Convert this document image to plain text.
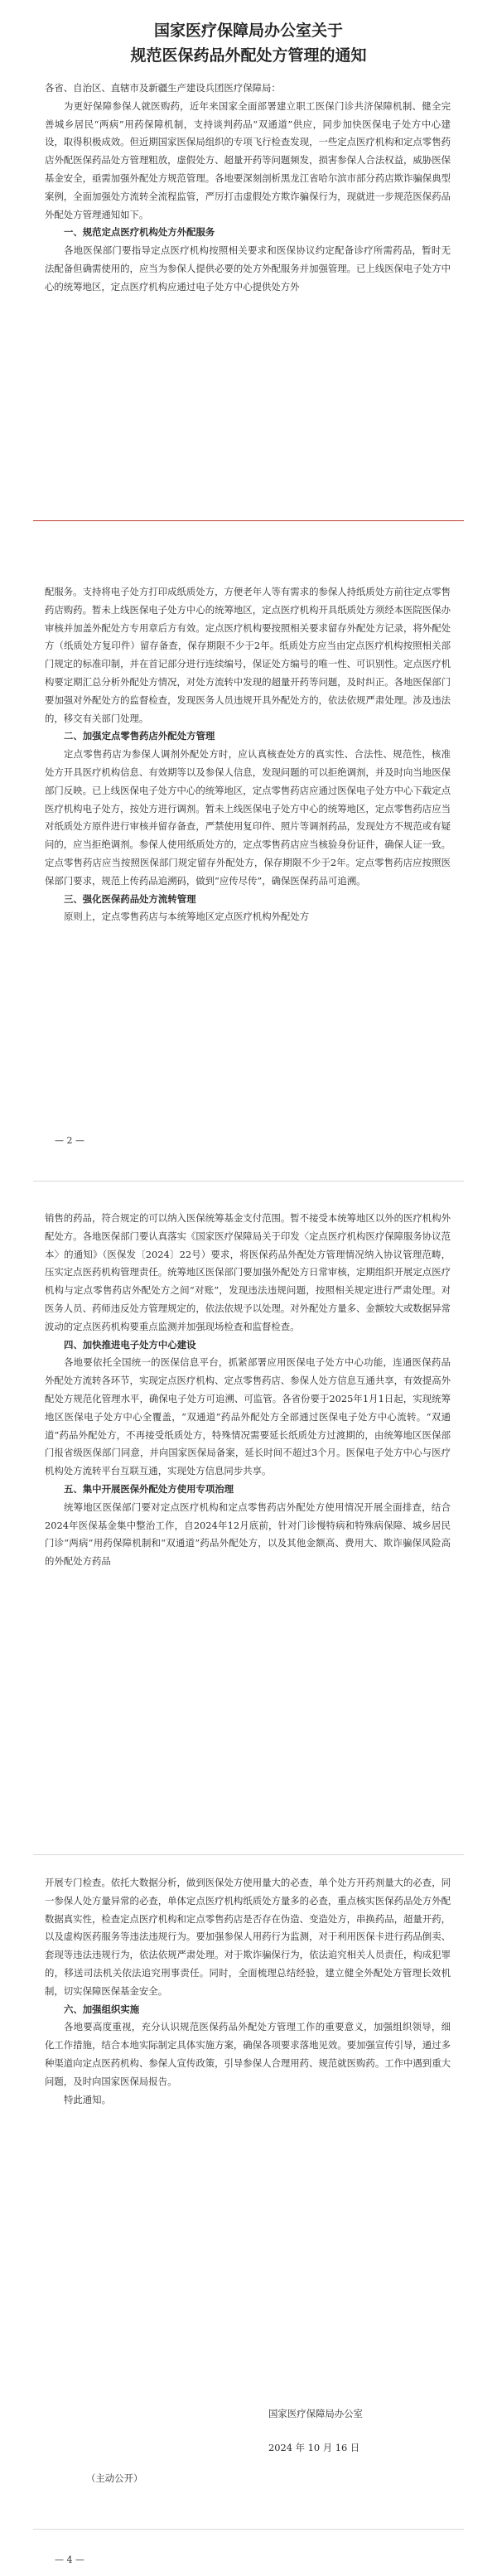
国家医疗保障局办公室关于
规范医保药品外配处方管理的通知

各省、自治区、直辖市及新疆生产建设兵团医疗保障局：

为更好保障参保人就医购药，近年来国家全面部署建立职工医保门诊共济保障机制、健全完善城乡居民“两病”用药保障机制，支持谈判药品“双通道”供应，同步加快医保电子处方中心建设，取得积极成效。但近期国家医保局组织的专项飞行检查发现，一些定点医疗机构和定点零售药店外配医保药品处方管理粗放，虚假处方、超量开药等问题频发，损害参保人合法权益，威胁医保基金安全，亟需加强外配处方规范管理。各地要深刻剖析黑龙江省哈尔滨市部分药店欺诈骗保典型案例，全面加强处方流转全流程监管，严厉打击虚假处方欺诈骗保行为，现就进一步规范医保药品外配处方管理通知如下。

一、规范定点医疗机构处方外配服务

各地医保部门要指导定点医疗机构按照相关要求和医保协议约定配备诊疗所需药品，暂时无法配备但确需使用的，应当为参保人提供必要的处方外配服务并加强管理。已上线医保电子处方中心的统筹地区，定点医疗机构应通过电子处方中心提供处方外

配服务。支持将电子处方打印成纸质处方，方便老年人等有需求的参保人持纸质处方前往定点零售药店购药。暂未上线医保电子处方中心的统筹地区，定点医疗机构开具纸质处方须经本医院医保办审核并加盖外配处方专用章后方有效。定点医疗机构要按照相关要求留存外配处方记录，将外配处方（纸质处方复印件）留存备查，保存期限不少于2年。纸质处方应当由定点医疗机构按照相关部门规定的标准印制，并在首记部分进行连续编号，保证处方编号的唯一性、可识别性。定点医疗机构要定期汇总分析外配处方情况，对处方流转中发现的超量开药等问题，及时纠正。各地医保部门要加强对外配处方的监督检查，发现医务人员违规开具外配处方的，依法依规严肃处理。涉及违法的，移交有关部门处理。

二、加强定点零售药店外配处方管理

定点零售药店为参保人调剂外配处方时，应认真核查处方的真实性、合法性、规范性，核准处方开具医疗机构信息、有效期等以及参保人信息，发现问题的可以拒绝调剂，并及时向当地医保部门反映。已上线医保电子处方中心的统筹地区，定点零售药店应通过医保电子处方中心下载定点医疗机构电子处方，按处方进行调剂。暂未上线医保电子处方中心的统筹地区，定点零售药店应当对纸质处方原件进行审核并留存备查，严禁使用复印件、照片等调剂药品，发现处方不规范或有疑问的，应当拒绝调剂。参保人使用纸质处方的，定点零售药店应当核验身份证件，确保人证一致。定点零售药店应当按照医保部门规定留存外配处方，保存期限不少于2年。定点零售药店应按照医保部门要求，规范上传药品追溯码，做到“应传尽传”，确保医保药品可追溯。

三、强化医保药品处方流转管理

原则上，定点零售药店与本统筹地区定点医疗机构外配处方

— 2 —

销售的药品，符合规定的可以纳入医保统筹基金支付范围。暂不接受本统筹地区以外的医疗机构外配处方。各地医保部门要认真落实《国家医疗保障局关于印发〈定点医疗机构医疗保障服务协议范本〉的通知》（医保发〔2024〕22号）要求，将医保药品外配处方管理情况纳入协议管理范畴，压实定点医药机构管理责任。统筹地区医保部门要加强外配处方日常审核，定期组织开展定点医疗机构与定点零售药店外配处方之间“对账”，发现违法违规问题，按照相关规定进行严肃处理。对医务人员、药师违反处方管理规定的，依法依规予以处理。对外配处方量多、金额较大或数据异常波动的定点医药机构要重点监测并加强现场检查和监督检查。

四、加快推进电子处方中心建设

各地要依托全国统一的医保信息平台，抓紧部署应用医保电子处方中心功能，连通医保药品外配处方流转各环节，实现定点医疗机构、定点零售药店、参保人处方信息互通共享，有效提高外配处方规范化管理水平，确保电子处方可追溯、可监管。各省份要于2025年1月1日起，实现统筹地区医保电子处方中心全覆盖，“双通道”药品外配处方全部通过医保电子处方中心流转。“双通道”药品外配处方，不再接受纸质处方，特殊情况需要延长纸质处方过渡期的，由统筹地区医保部门报省级医保部门同意，并向国家医保局备案，延长时间不超过3个月。医保电子处方中心与医疗机构处方流转平台互联互通，实现处方信息同步共享。

五、集中开展医保外配处方使用专项治理

统筹地区医保部门要对定点医疗机构和定点零售药店外配处方使用情况开展全面排查，结合2024年医保基金集中整治工作，自2024年12月底前，针对门诊慢特病和特殊病保障、城乡居民门诊“两病”用药保障机制和“双通道”药品外配处方，以及其他金额高、费用大、欺诈骗保风险高的外配处方药品

开展专门检查。依托大数据分析，做到医保处方使用量大的必查，单个处方开药剂量大的必查，同一参保人处方量异常的必查，单体定点医疗机构纸质处方量多的必查，重点核实医保药品处方外配数据真实性，检查定点医疗机构和定点零售药店是否存在伪造、变造处方，串换药品，超量开药，以及虚构医药服务等违法违规行为。要加强参保人用药行为监测，对于利用医保卡进行药品倒卖、套现等违法违规行为，依法依规严肃处理。对于欺诈骗保行为，依法追究相关人员责任，构成犯罪的，移送司法机关依法追究刑事责任。同时，全面梳理总结经验，建立健全外配处方管理长效机制，切实保障医保基金安全。

六、加强组织实施

各地要高度重视，充分认识规范医保药品外配处方管理工作的重要意义，加强组织领导，细化工作措施，结合本地实际制定具体实施方案，确保各项要求落地见效。要加强宣传引导，通过多种渠道向定点医药机构、参保人宣传政策，引导参保人合理用药、规范就医购药。工作中遇到重大问题，及时向国家医保局报告。

特此通知。

国家医疗保障局办公室
2024 年 10 月 16 日
（主动公开）
— 4 —
